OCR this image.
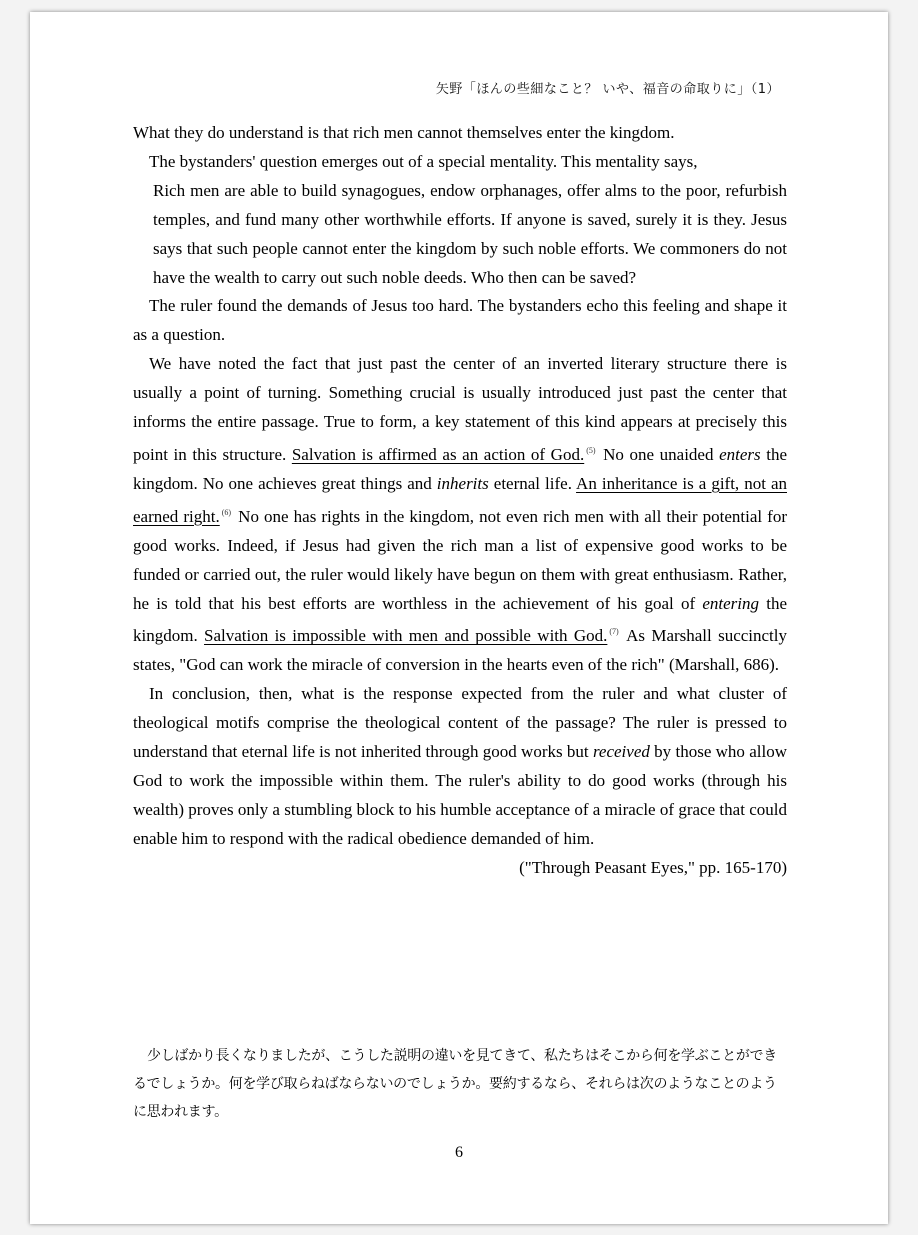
矢野「ほんの些細なこと？ いや、福音の命取りに」（1）

What they do understand is that rich men cannot themselves enter the kingdom.

The bystanders' question emerges out of a special mentality. This mentality says,

Rich men are able to build synagogues, endow orphanages, offer alms to the poor, refurbish temples, and fund many other worthwhile efforts. If anyone is saved, surely it is they. Jesus says that such people cannot enter the kingdom by such noble efforts. We commoners do not have the wealth to carry out such noble deeds. Who then can be saved?

The ruler found the demands of Jesus too hard. The bystanders echo this feeling and shape it as a question.

We have noted the fact that just past the center of an inverted literary structure there is usually a point of turning. Something crucial is usually introduced just past the center that informs the entire passage. True to form, a key statement of this kind appears at precisely this point in this structure. Salvation is affirmed as an action of God. $^{(5)}$ No one unaided enters the kingdom. No one achieves great things and inherits eternal life. An inheritance is a gift, not an earned right. $^{(6)}$ No one has rights in the kingdom, not even rich men with all their potential for good works. Indeed, if Jesus had given the rich man a list of expensive good works to be funded or carried out, the ruler would likely have begun on them with great enthusiasm. Rather, he is told that his best efforts are worthless in the achievement of his goal of entering the kingdom. Salvation is impossible with men and possible with God. $^{(7)}$ As Marshall succinctly states, "God can work the miracle of conversion in the hearts even of the rich" (Marshall, 686).

In conclusion, then, what is the response expected from the ruler and what cluster of theological motifs comprise the theological content of the passage? The ruler is pressed to understand that eternal life is not inherited through good works but received by those who allow God to work the impossible within them. The ruler's ability to do good works (through his wealth) proves only a stumbling block to his humble acceptance of a miracle of grace that could enable him to respond with the radical obedience demanded of him.

("Through Peasant Eyes," pp. 165-170)

少しばかり長くなりましたが、こうした説明の違いを見てきて、私たちはそこから何を学ぶことができるでしょうか。何を学び取らねばならないのでしょうか。要約するなら、それらは次のようなことのように思われます。

6
